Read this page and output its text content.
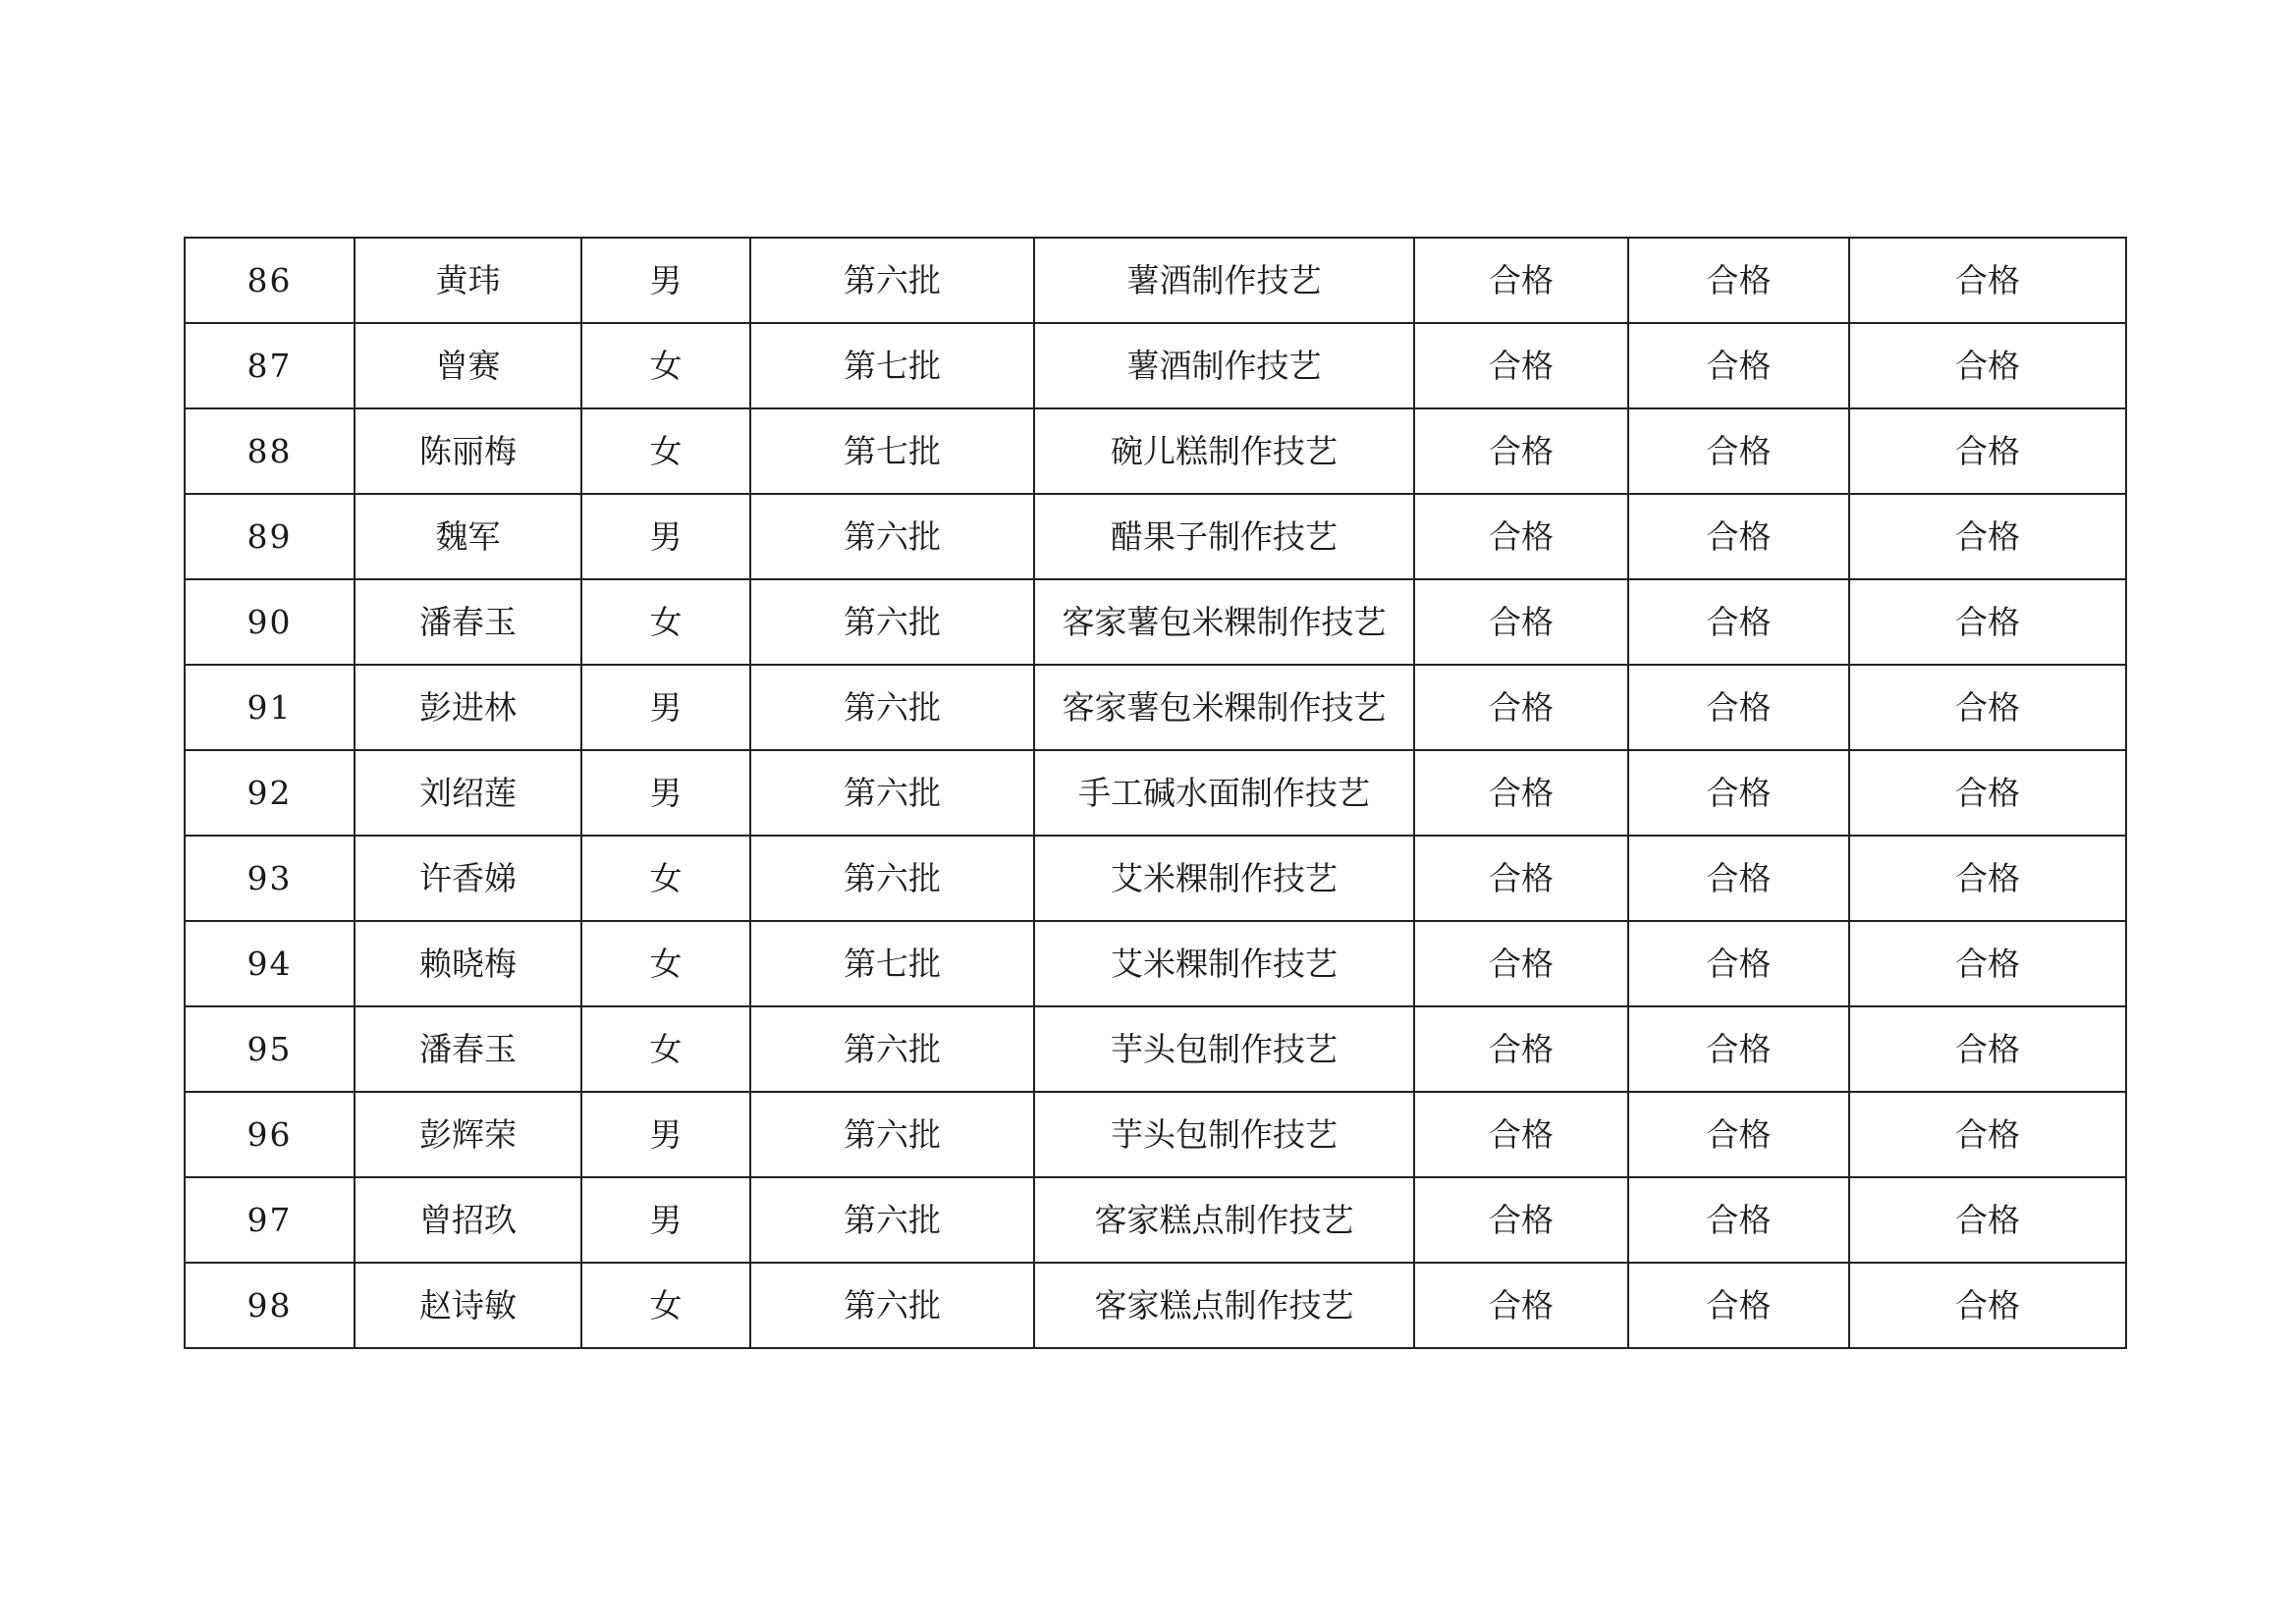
86	黄玮	男	第六批	薯酒制作技艺	合格	合格	合格
87	曾赛	女	第七批	薯酒制作技艺	合格	合格	合格
88	陈丽梅	女	第七批	碗儿糕制作技艺	合格	合格	合格
89	魏军	男	第六批	醋果子制作技艺	合格	合格	合格
90	潘春玉	女	第六批	客家薯包米粿制作技艺	合格	合格	合格
91	彭进林	男	第六批	客家薯包米粿制作技艺	合格	合格	合格
92	刘绍莲	男	第六批	手工碱水面制作技艺	合格	合格	合格
93	许香娣	女	第六批	艾米粿制作技艺	合格	合格	合格
94	赖晓梅	女	第七批	艾米粿制作技艺	合格	合格	合格
95	潘春玉	女	第六批	芋头包制作技艺	合格	合格	合格
96	彭辉荣	男	第六批	芋头包制作技艺	合格	合格	合格
97	曾招玖	男	第六批	客家糕点制作技艺	合格	合格	合格
98	赵诗敏	女	第六批	客家糕点制作技艺	合格	合格	合格
